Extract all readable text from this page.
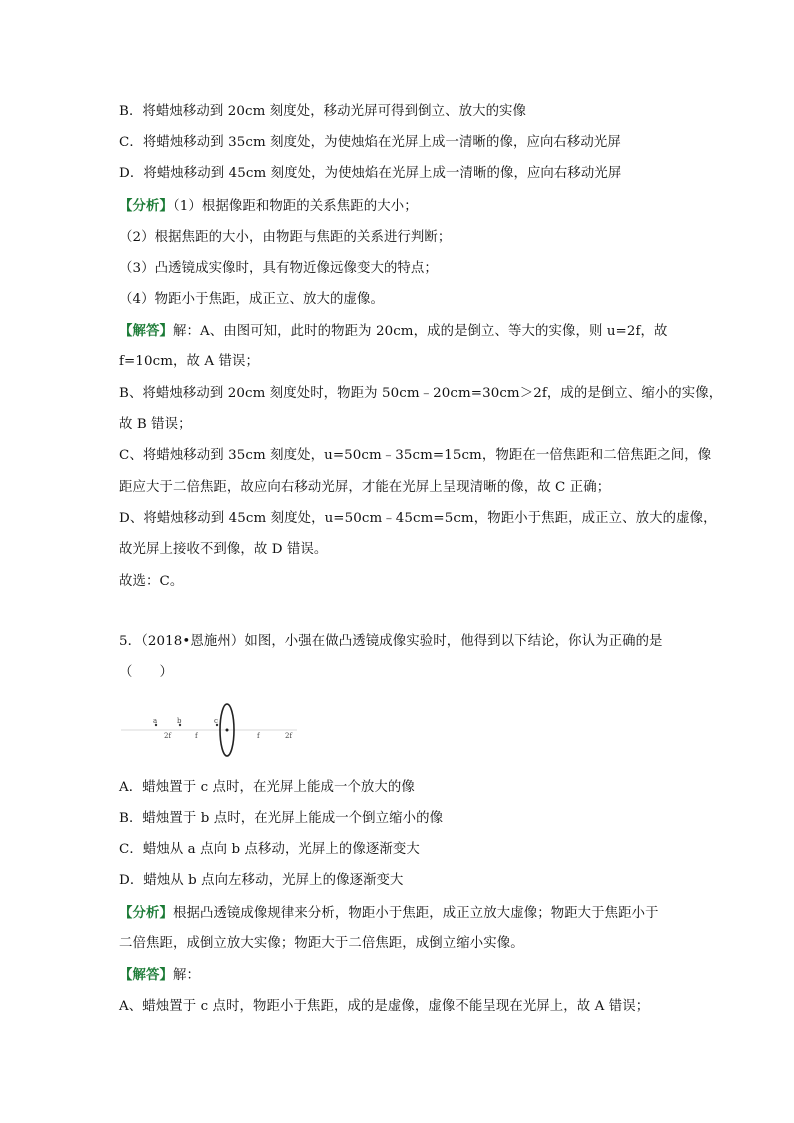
B．将蜡烛移动到 20cm 刻度处，移动光屏可得到倒立、放大的实像
C．将蜡烛移动到 35cm 刻度处，为使烛焰在光屏上成一清晰的像，应向右移动光屏
D．将蜡烛移动到 45cm 刻度处，为使烛焰在光屏上成一清晰的像，应向右移动光屏
【分析】（1）根据像距和物距的关系焦距的大小；
（2）根据焦距的大小，由物距与焦距的关系进行判断；
（3）凸透镜成实像时，具有物近像远像变大的特点；
（4）物距小于焦距，成正立、放大的虚像。
【解答】解：A、由图可知，此时的物距为 20cm，成的是倒立、等大的实像，则 u=2f，故
f=10cm，故 A 错误；
B、将蜡烛移动到 20cm 刻度处时，物距为 50cm﹣20cm=30cm＞2f，成的是倒立、缩小的实像，
故 B 错误；
C、将蜡烛移动到 35cm 刻度处，u=50cm﹣35cm=15cm，物距在一倍焦距和二倍焦距之间，像
距应大于二倍焦距，故应向右移动光屏，才能在光屏上呈现清晰的像，故 C 正确；
D、将蜡烛移动到 45cm 刻度处，u=50cm﹣45cm=5cm，物距小于焦距，成正立、放大的虚像，
故光屏上接收不到像，故 D 错误。
故选：C。
5．（2018•恩施州）如图，小强在做凸透镜成像实验时，他得到以下结论，你认为正确的是
（　　）
a
2f
b
f
c
f	2f
A．蜡烛置于 c 点时，在光屏上能成一个放大的像
B．蜡烛置于 b 点时，在光屏上能成一个倒立缩小的像
C．蜡烛从 a 点向 b 点移动，光屏上的像逐渐变大
D．蜡烛从 b 点向左移动，光屏上的像逐渐变大
【分析】根据凸透镜成像规律来分析，物距小于焦距，成正立放大虚像；物距大于焦距小于
二倍焦距，成倒立放大实像；物距大于二倍焦距，成倒立缩小实像。
【解答】解：
A、蜡烛置于 c 点时，物距小于焦距，成的是虚像，虚像不能呈现在光屏上，故 A 错误；
